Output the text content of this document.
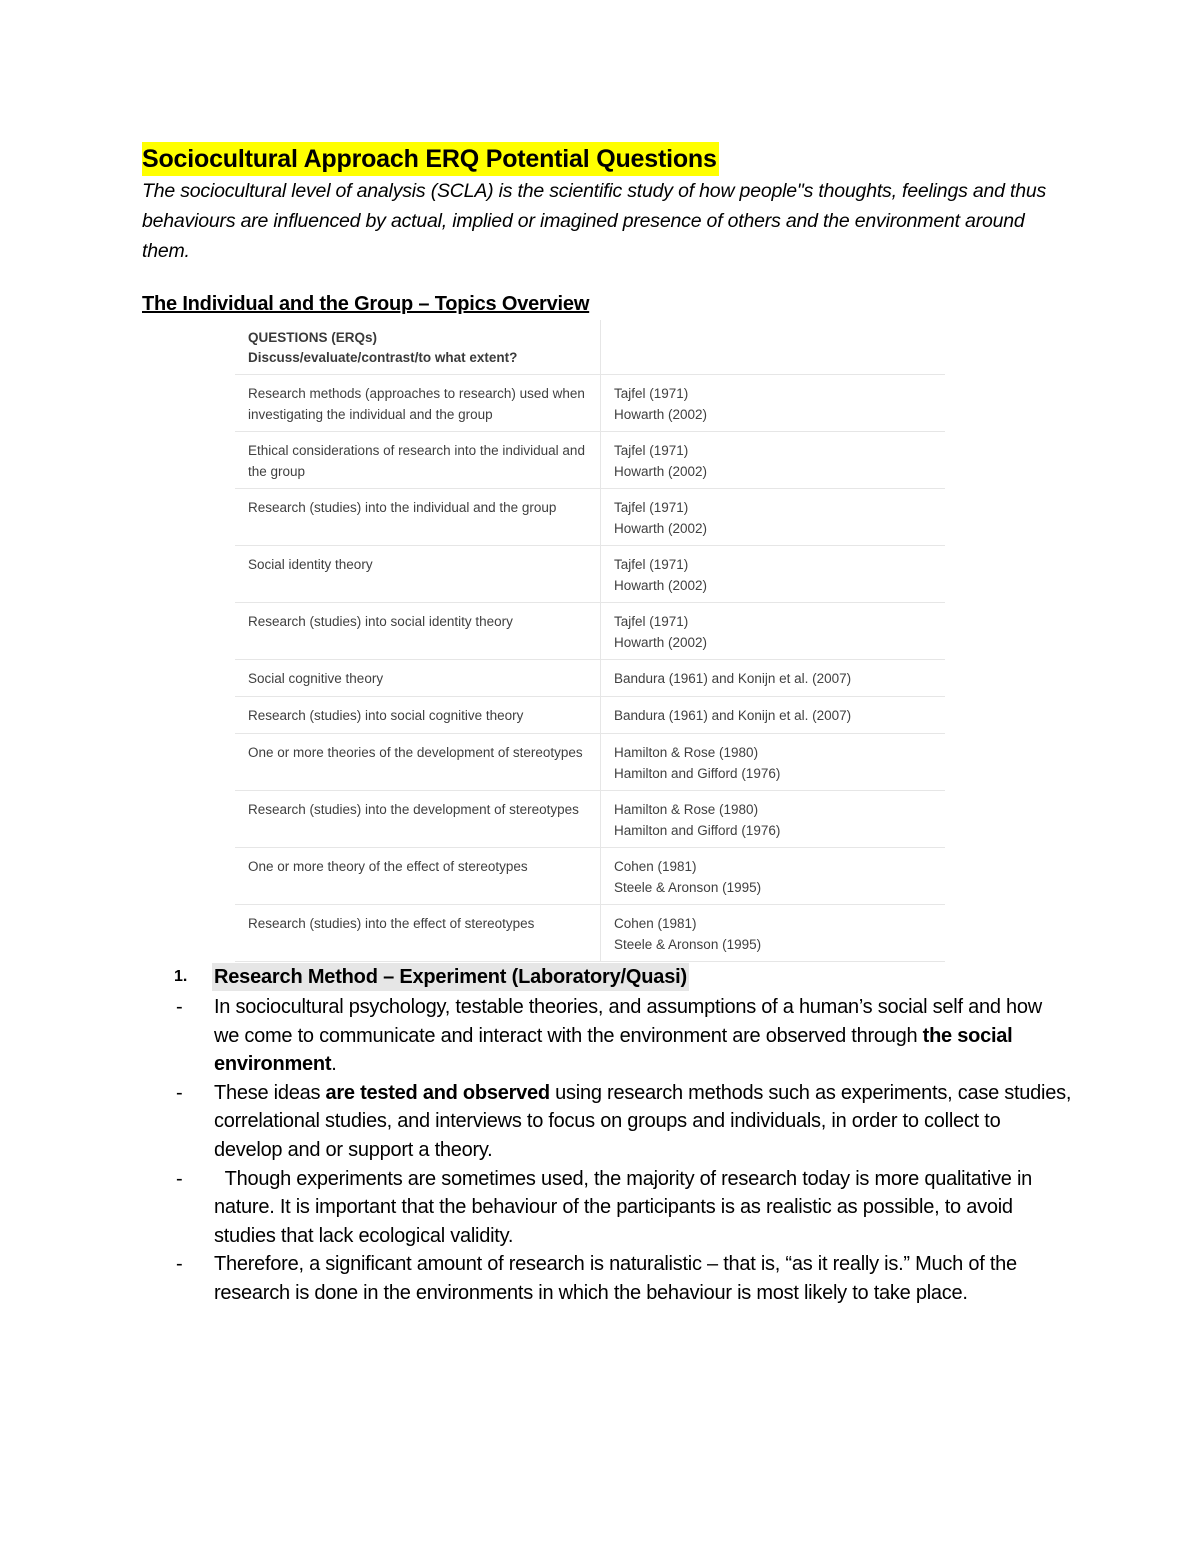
Sociocultural Approach ERQ Potential Questions
The sociocultural level of analysis (SCLA) is the scientific study of how people"s thoughts, feelings and thus behaviours are influenced by actual, implied or imagined presence of others and the environment around them.
The Individual and the Group – Topics Overview
QUESTIONS (ERQs)
Discuss/evaluate/contrast/to what extent?	

Research methods (approaches to research) used when investigating the individual and the group	Tajfel (1971)
Howarth (2002)

Ethical considerations of research into the individual and the group	Tajfel (1971)
Howarth (2002)

Research (studies) into the individual and the group	Tajfel (1971)
Howarth (2002)

Social identity theory	Tajfel (1971)
Howarth (2002)

Research (studies) into social identity theory	Tajfel (1971)
Howarth (2002)

Social cognitive theory	Bandura (1961) and Konijn et al. (2007)

Research (studies) into social cognitive theory	Bandura (1961) and Konijn et al. (2007)

One or more theories of the development of stereotypes	Hamilton & Rose (1980)
Hamilton and Gifford (1976)

Research (studies) into the development of stereotypes	Hamilton & Rose (1980)
Hamilton and Gifford (1976)

One or more theory of the effect of stereotypes	Cohen (1981)
Steele & Aronson (1995)

Research (studies) into the effect of stereotypes	Cohen (1981)
Steele & Aronson (1995)
1. Research Method – Experiment (Laboratory/Quasi)
- In sociocultural psychology, testable theories, and assumptions of a human’s social self and how we come to communicate and interact with the environment are observed through the social environment.
- These ideas are tested and observed using research methods such as experiments, case studies, correlational studies, and interviews to focus on groups and individuals, in order to collect to develop and or support a theory.
- Though experiments are sometimes used, the majority of research today is more qualitative in nature. It is important that the behaviour of the participants is as realistic as possible, to avoid studies that lack ecological validity.
- Therefore, a significant amount of research is naturalistic – that is, “as it really is.” Much of the research is done in the environments in which the behaviour is most likely to take place.
